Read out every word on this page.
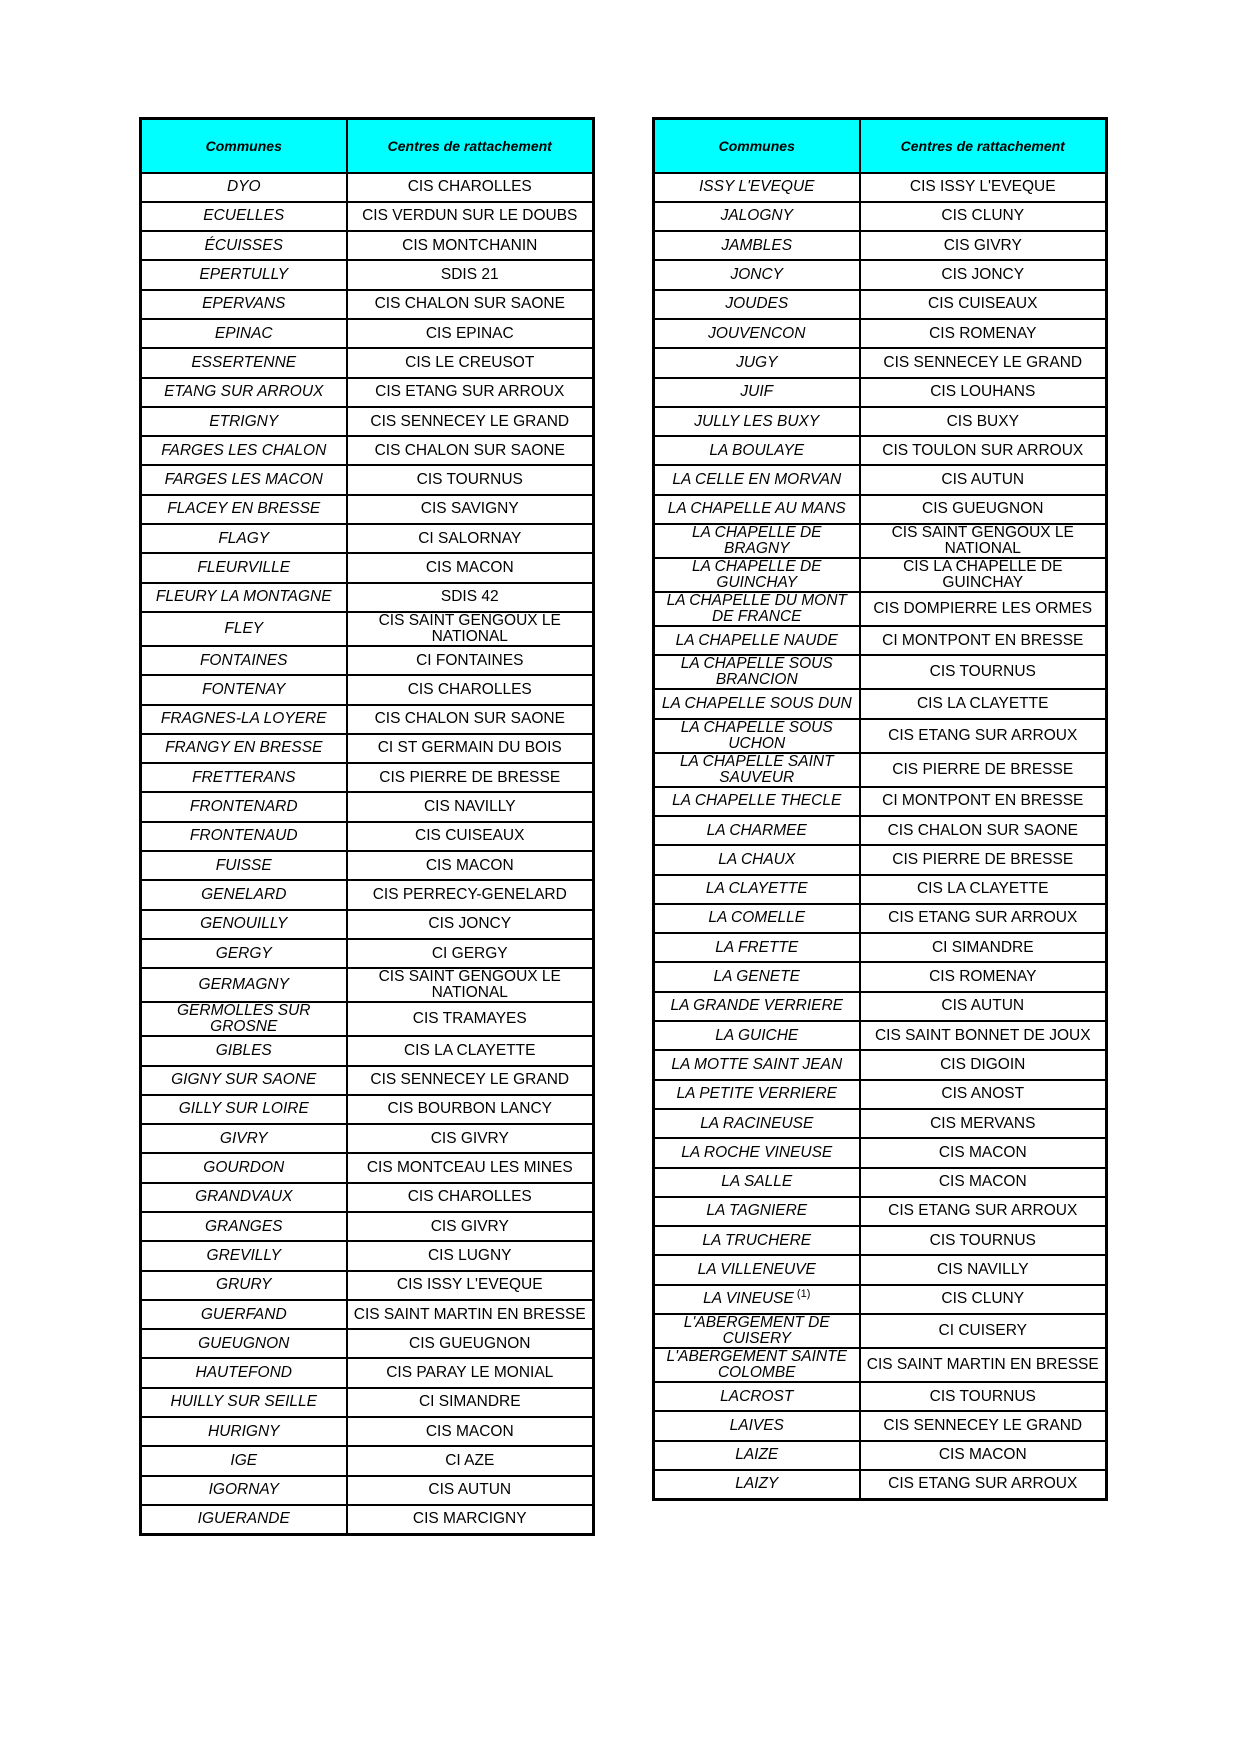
Communes	Centres de rattachement
DYO	CIS CHAROLLES
ECUELLES	CIS VERDUN SUR LE DOUBS
ÉCUISSES	CIS MONTCHANIN
EPERTULLY	SDIS 21
EPERVANS	CIS CHALON SUR SAONE
EPINAC	CIS EPINAC
ESSERTENNE	CIS LE CREUSOT
ETANG SUR ARROUX	CIS ETANG SUR ARROUX
ETRIGNY	CIS SENNECEY LE GRAND
FARGES LES CHALON	CIS CHALON SUR SAONE
FARGES LES MACON	CIS TOURNUS
FLACEY EN BRESSE	CIS SAVIGNY
FLAGY	CI SALORNAY
FLEURVILLE	CIS MACON
FLEURY LA MONTAGNE	SDIS 42
FLEY	CIS SAINT GENGOUX LE NATIONAL
FONTAINES	CI FONTAINES
FONTENAY	CIS CHAROLLES
FRAGNES-LA LOYERE	CIS CHALON SUR SAONE
FRANGY EN BRESSE	CI ST GERMAIN DU BOIS
FRETTERANS	CIS PIERRE DE BRESSE
FRONTENARD	CIS NAVILLY
FRONTENAUD	CIS CUISEAUX
FUISSE	CIS MACON
GENELARD	CIS PERRECY-GENELARD
GENOUILLY	CIS JONCY
GERGY	CI GERGY
GERMAGNY	CIS SAINT GENGOUX LE NATIONAL
GERMOLLES SUR GROSNE	CIS TRAMAYES
GIBLES	CIS LA CLAYETTE
GIGNY SUR SAONE	CIS SENNECEY LE GRAND
GILLY SUR LOIRE	CIS BOURBON LANCY
GIVRY	CIS GIVRY
GOURDON	CIS MONTCEAU LES MINES
GRANDVAUX	CIS CHAROLLES
GRANGES	CIS GIVRY
GREVILLY	CIS LUGNY
GRURY	CIS ISSY L'EVEQUE
GUERFAND	CIS SAINT MARTIN EN BRESSE
GUEUGNON	CIS GUEUGNON
HAUTEFOND	CIS PARAY LE MONIAL
HUILLY SUR SEILLE	CI SIMANDRE
HURIGNY	CIS MACON
IGE	CI AZE
IGORNAY	CIS AUTUN
IGUERANDE	CIS MARCIGNY
Communes	Centres de rattachement
ISSY L'EVEQUE	CIS ISSY L'EVEQUE
JALOGNY	CIS CLUNY
JAMBLES	CIS GIVRY
JONCY	CIS JONCY
JOUDES	CIS CUISEAUX
JOUVENCON	CIS ROMENAY
JUGY	CIS SENNECEY LE GRAND
JUIF	CIS LOUHANS
JULLY LES BUXY	CIS BUXY
LA BOULAYE	CIS TOULON SUR ARROUX
LA CELLE EN MORVAN	CIS AUTUN
LA CHAPELLE AU MANS	CIS GUEUGNON
LA CHAPELLE DE BRAGNY	CIS SAINT GENGOUX LE NATIONAL
LA CHAPELLE DE GUINCHAY	CIS LA CHAPELLE DE GUINCHAY
LA CHAPELLE DU MONT DE FRANCE	CIS DOMPIERRE LES ORMES
LA CHAPELLE NAUDE	CI MONTPONT EN BRESSE
LA CHAPELLE SOUS BRANCION	CIS TOURNUS
LA CHAPELLE SOUS DUN	CIS LA CLAYETTE
LA CHAPELLE SOUS UCHON	CIS ETANG SUR ARROUX
LA CHAPELLE SAINT SAUVEUR	CIS PIERRE DE BRESSE
LA CHAPELLE THECLE	CI MONTPONT EN BRESSE
LA CHARMEE	CIS CHALON SUR SAONE
LA CHAUX	CIS PIERRE DE BRESSE
LA CLAYETTE	CIS LA CLAYETTE
LA COMELLE	CIS ETANG SUR ARROUX
LA FRETTE	CI SIMANDRE
LA GENETE	CIS ROMENAY
LA GRANDE VERRIERE	CIS AUTUN
LA GUICHE	CIS SAINT BONNET DE JOUX
LA MOTTE SAINT JEAN	CIS DIGOIN
LA PETITE VERRIERE	CIS ANOST
LA RACINEUSE	CIS MERVANS
LA ROCHE VINEUSE	CIS MACON
LA SALLE	CIS MACON
LA TAGNIERE	CIS ETANG SUR ARROUX
LA TRUCHERE	CIS TOURNUS
LA VILLENEUVE	CIS NAVILLY
LA VINEUSE $^{(1)}$	CIS CLUNY
L'ABERGEMENT DE CUISERY	CI CUISERY
L'ABERGEMENT SAINTE COLOMBE	CIS SAINT MARTIN EN BRESSE
LACROST	CIS TOURNUS
LAIVES	CIS SENNECEY LE GRAND
LAIZE	CIS MACON
LAIZY	CIS ETANG SUR ARROUX
